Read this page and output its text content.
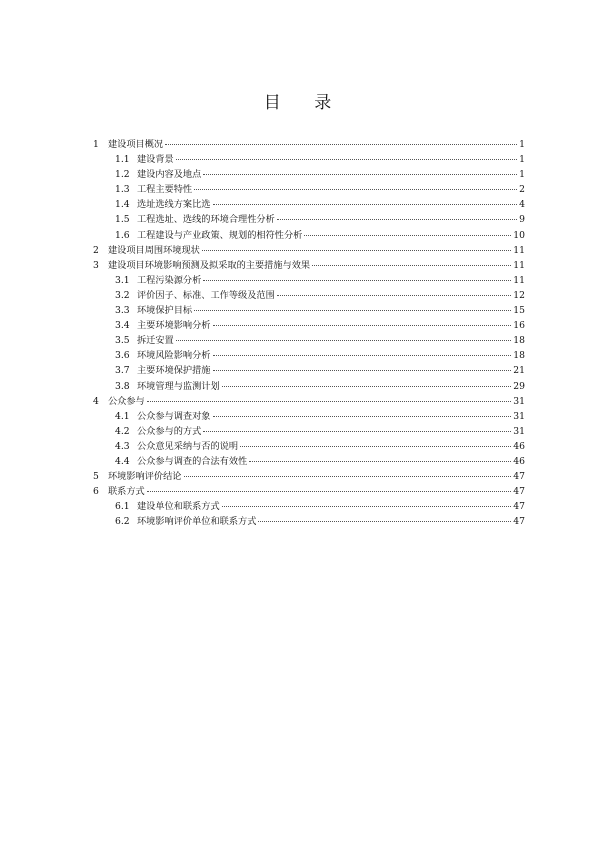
目 录
1 建设项目概况	1
1.1 建设背景	1
1.2 建设内容及地点	1
1.3 工程主要特性	2
1.4 选址选线方案比选	4
1.5 工程选址、选线的环境合理性分析	9
1.6 工程建设与产业政策、规划的相符性分析	10
2 建设项目周围环境现状	11
3 建设项目环境影响预测及拟采取的主要措施与效果	11
3.1 工程污染源分析	11
3.2 评价因子、标准、工作等级及范围	12
3.3 环境保护目标	15
3.4 主要环境影响分析	16
3.5 拆迁安置	18
3.6 环境风险影响分析	18
3.7 主要环境保护措施	21
3.8 环境管理与监测计划	29
4 公众参与	31
4.1 公众参与调查对象	31
4.2 公众参与的方式	31
4.3 公众意见采纳与否的说明	46
4.4 公众参与调查的合法有效性	46
5 环境影响评价结论	47
6 联系方式	47
6.1 建设单位和联系方式	47
6.2 环境影响评价单位和联系方式	47
